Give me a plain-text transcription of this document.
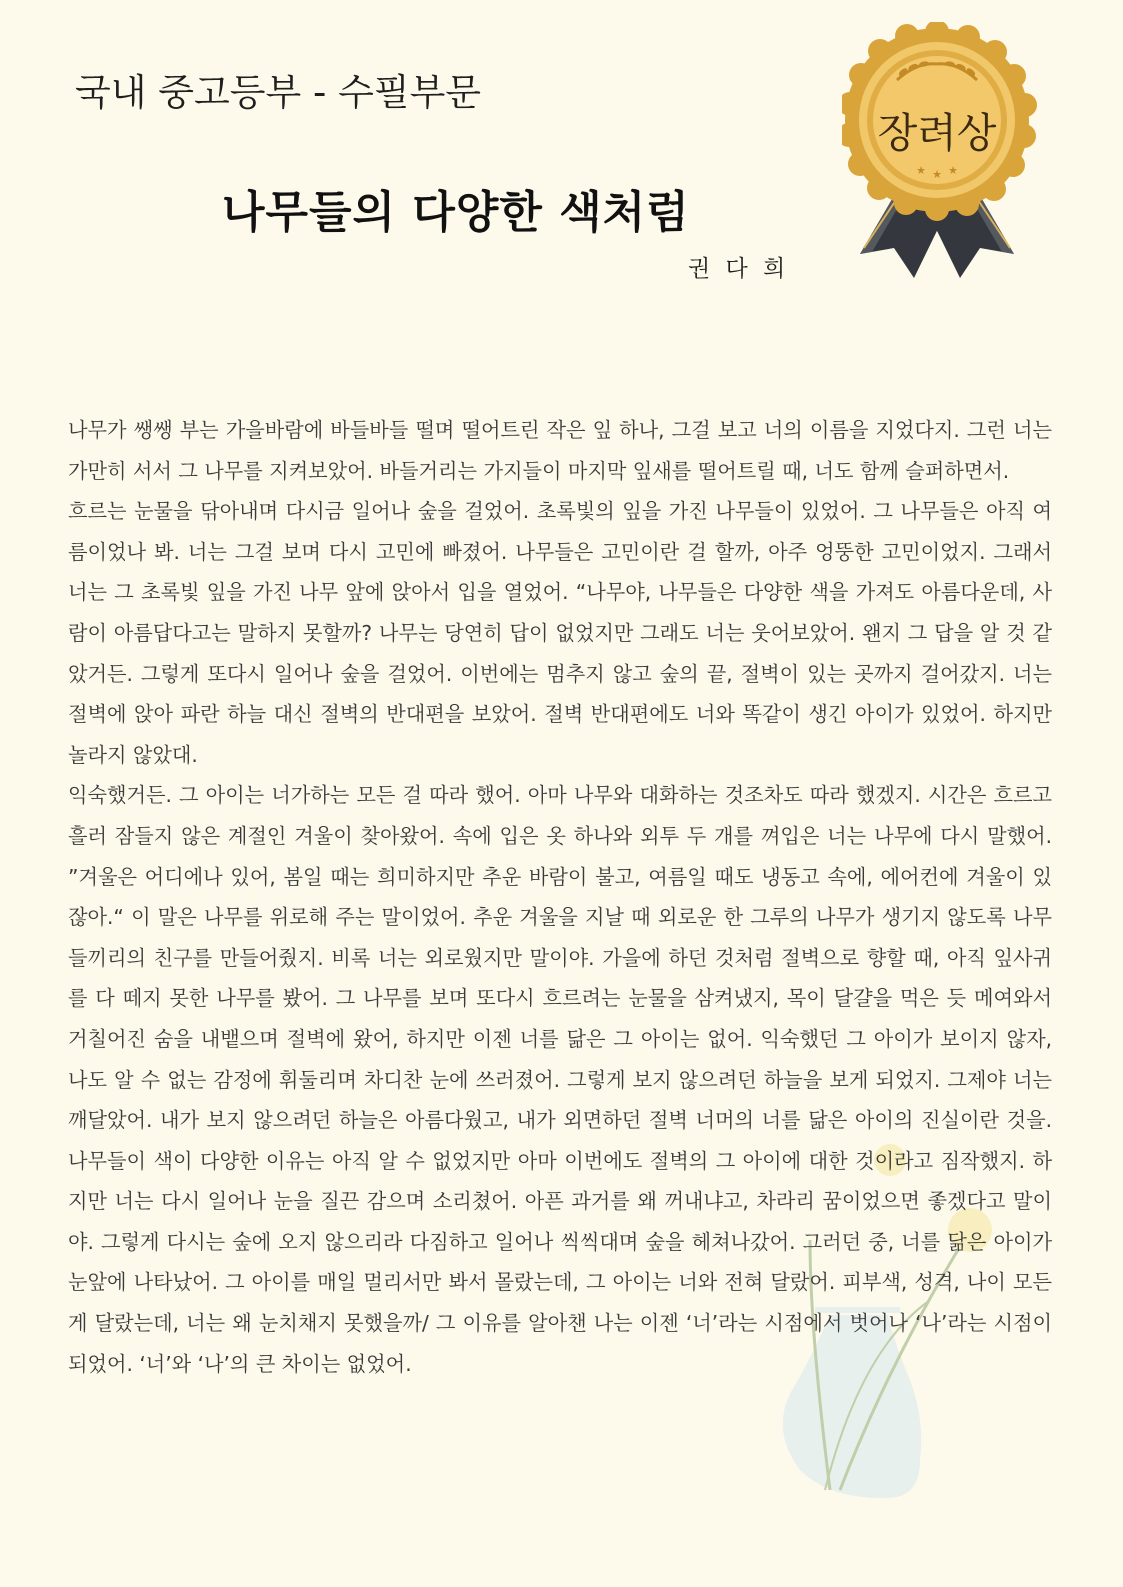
국내 중고등부 - 수필부문
나무들의 다양한 색처럼
권 다 희
★ ★ ★
장려상

나무가 쌩쌩 부는 가을바람에 바들바들 떨며 떨어트린 작은 잎 하나, 그걸 보고 너의 이름을 지었다지. 그런 너는 가만히 서서 그 나무를 지켜보았어. 바들거리는 가지들이 마지막 잎새를 떨어트릴 때, 너도 함께 슬퍼하면서.

흐르는 눈물을 닦아내며 다시금 일어나 숲을 걸었어. 초록빛의 잎을 가진 나무들이 있었어. 그 나무들은 아직 여름이었나 봐. 너는 그걸 보며 다시 고민에 빠졌어. 나무들은 고민이란 걸 할까, 아주 엉뚱한 고민이었지. 그래서 너는 그 초록빛 잎을 가진 나무 앞에 앉아서 입을 열었어. “나무야, 나무들은 다양한 색을 가져도 아름다운데, 사람이 아름답다고는 말하지 못할까? 나무는 당연히 답이 없었지만 그래도 너는 웃어보았어. 왠지 그 답을 알 것 같았거든. 그렇게 또다시 일어나 숲을 걸었어. 이번에는 멈추지 않고 숲의 끝, 절벽이 있는 곳까지 걸어갔지. 너는 절벽에 앉아 파란 하늘 대신 절벽의 반대편을 보았어. 절벽 반대편에도 너와 똑같이 생긴 아이가 있었어. 하지만 놀라지 않았대.

익숙했거든. 그 아이는 너가하는 모든 걸 따라 했어. 아마 나무와 대화하는 것조차도 따라 했겠지. 시간은 흐르고 흘러 잠들지 않은 계절인 겨울이 찾아왔어. 속에 입은 옷 하나와 외투 두 개를 껴입은 너는 나무에 다시 말했어. ”겨울은 어디에나 있어, 봄일 때는 희미하지만 추운 바람이 불고, 여름일 때도 냉동고 속에, 에어컨에 겨울이 있잖아.“ 이 말은 나무를 위로해 주는 말이었어. 추운 겨울을 지날 때 외로운 한 그루의 나무가 생기지 않도록 나무들끼리의 친구를 만들어줬지. 비록 너는 외로웠지만 말이야. 가을에 하던 것처럼 절벽으로 향할 때, 아직 잎사귀를 다 떼지 못한 나무를 봤어. 그 나무를 보며 또다시 흐르려는 눈물을 삼켜냈지, 목이 달걀을 먹은 듯 메여와서 거칠어진 숨을 내뱉으며 절벽에 왔어, 하지만 이젠 너를 닮은 그 아이는 없어. 익숙했던 그 아이가 보이지 않자, 나도 알 수 없는 감정에 휘둘리며 차디찬 눈에 쓰러졌어. 그렇게 보지 않으려던 하늘을 보게 되었지. 그제야 너는 깨달았어. 내가 보지 않으려던 하늘은 아름다웠고, 내가 외면하던 절벽 너머의 너를 닮은 아이의 진실이란 것을. 나무들이 색이 다양한 이유는 아직 알 수 없었지만 아마 이번에도 절벽의 그 아이에 대한 것이라고 짐작했지. 하지만 너는 다시 일어나 눈을 질끈 감으며 소리쳤어. 아픈 과거를 왜 꺼내냐고, 차라리 꿈이었으면 좋겠다고 말이야. 그렇게 다시는 숲에 오지 않으리라 다짐하고 일어나 씩씩대며 숲을 헤쳐나갔어. 그러던 중, 너를 닮은 아이가 눈앞에 나타났어. 그 아이를 매일 멀리서만 봐서 몰랐는데, 그 아이는 너와 전혀 달랐어. 피부색, 성격, 나이 모든 게 달랐는데, 너는 왜 눈치채지 못했을까/ 그 이유를 알아챈 나는 이젠 ‘너’라는 시점에서 벗어나 ‘나’라는 시점이 되었어. ‘너’와 ‘나’의 큰 차이는 없었어.
